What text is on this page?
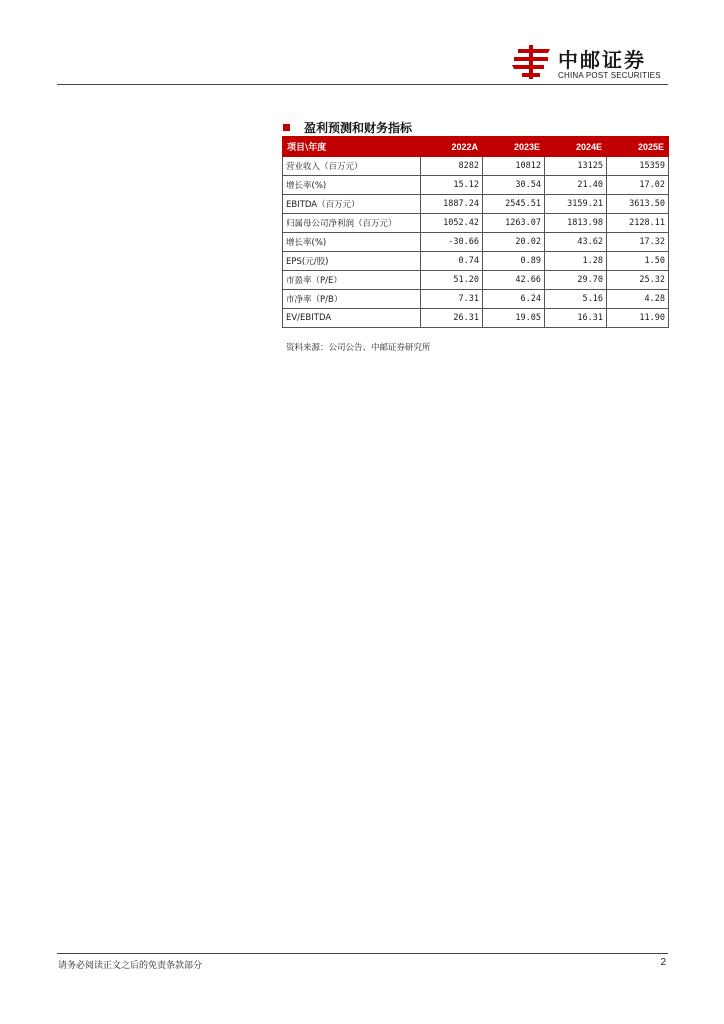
中邮证券
CHINA POST SECURITIES
盈利预测和财务指标
项目\年度	2022A	2023E	2024E	2025E
营业收入（百万元）	8282	10812	13125	15359
增长率(%)	15.12	30.54	21.40	17.02
EBITDA（百万元）	1887.24	2545.51	3159.21	3613.50
归属母公司净利润（百万元）	1052.42	1263.07	1813.98	2128.11
增长率(%)	-30.66	20.02	43.62	17.32
EPS(元/股)	0.74	0.89	1.28	1.50
市盈率（P/E）	51.20	42.66	29.70	25.32
市净率（P/B）	7.31	6.24	5.16	4.28
EV/EBITDA	26.31	19.05	16.31	11.90
资料来源：公司公告、中邮证券研究所
请务必阅读正文之后的免责条款部分	2
